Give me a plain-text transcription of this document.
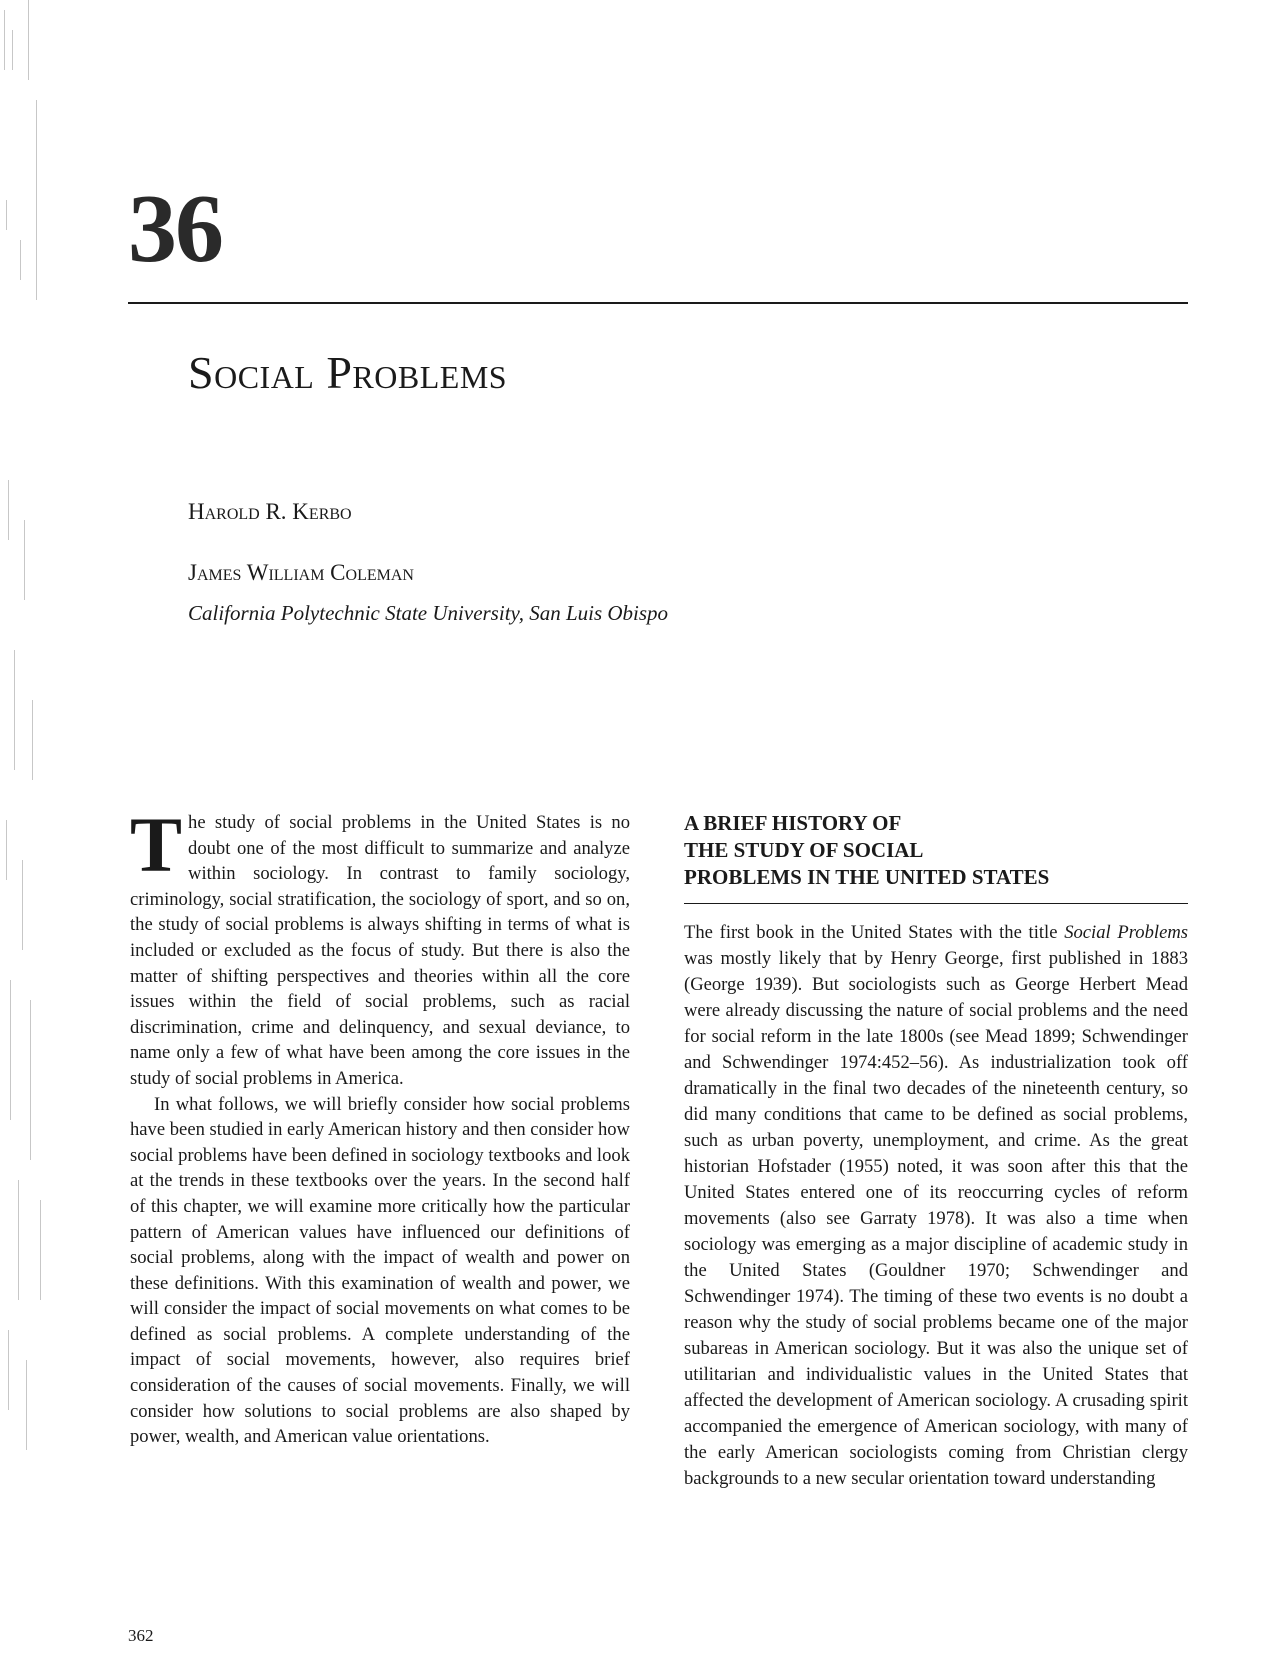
36
Social Problems
Harold R. Kerbo
James William Coleman
California Polytechnic State University, San Luis Obispo

The study of social problems in the United States is no doubt one of the most difficult to summarize and analyze within sociology. In contrast to family sociology, criminology, social stratification, the sociology of sport, and so on, the study of social problems is always shifting in terms of what is included or excluded as the focus of study. But there is also the matter of shifting perspectives and theories within all the core issues within the field of social problems, such as racial discrimination, crime and delinquency, and sexual deviance, to name only a few of what have been among the core issues in the study of social problems in America.

In what follows, we will briefly consider how social problems have been studied in early American history and then consider how social problems have been defined in sociology textbooks and look at the trends in these textbooks over the years. In the second half of this chapter, we will examine more critically how the particular pattern of American values have influenced our definitions of social problems, along with the impact of wealth and power on these definitions. With this examination of wealth and power, we will consider the impact of social movements on what comes to be defined as social problems. A complete understanding of the impact of social movements, however, also requires brief consideration of the causes of social movements. Finally, we will consider how solutions to social problems are also shaped by power, wealth, and American value orientations.

A BRIEF HISTORY OF
THE STUDY OF SOCIAL
PROBLEMS IN THE UNITED STATES

The first book in the United States with the title Social Problems was mostly likely that by Henry George, first published in 1883 (George 1939). But sociologists such as George Herbert Mead were already discussing the nature of social problems and the need for social reform in the late 1800s (see Mead 1899; Schwendinger and Schwendinger 1974:452–56). As industrialization took off dramatically in the final two decades of the nineteenth century, so did many conditions that came to be defined as social problems, such as urban poverty, unemployment, and crime. As the great historian Hofstader (1955) noted, it was soon after this that the United States entered one of its reoccurring cycles of reform movements (also see Garraty 1978). It was also a time when sociology was emerging as a major discipline of academic study in the United States (Gouldner 1970; Schwendinger and Schwendinger 1974). The timing of these two events is no doubt a reason why the study of social problems became one of the major subareas in American sociology. But it was also the unique set of utilitarian and individualistic values in the United States that affected the development of American sociology. A crusading spirit accompanied the emergence of American sociology, with many of the early American sociologists coming from Christian clergy backgrounds to a new secular orientation toward understanding

362
